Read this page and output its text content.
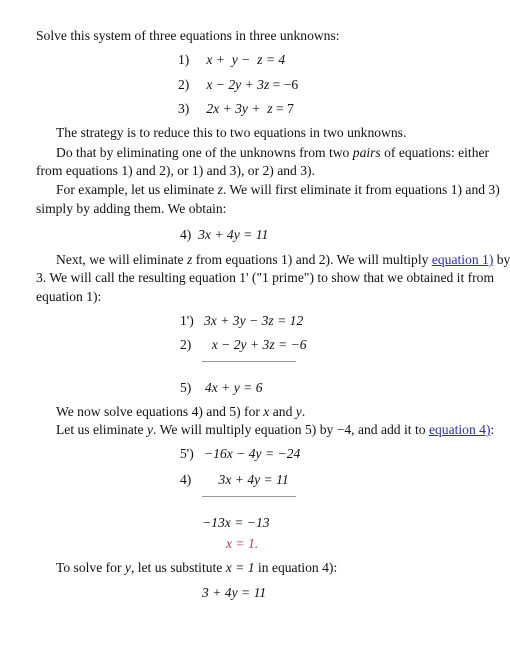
Solve this system of three equations in three unknowns:
1) x + y − z = 4
2) x − 2y + 3z = −6
3) 2x + 3y + z = 7
The strategy is to reduce this to two equations in two unknowns.
Do that by eliminating one of the unknowns from two pairs of equations: either
from equations 1) and 2), or 1) and 3), or 2) and 3).
For example, let us eliminate z. We will first eliminate it from equations 1) and 3)
simply by adding them. We obtain:
4) 3x + 4y = 11
Next, we will eliminate z from equations 1) and 2). We will multiply equation 1) by
3. We will call the resulting equation 1' ("1 prime") to show that we obtained it from
equation 1):
1') 3x + 3y − 3z = 12
2) x − 2y + 3z = −6
5) 4x + y = 6
We now solve equations 4) and 5) for x and y.
Let us eliminate y. We will multiply equation 5) by −4, and add it to equation 4):
5') −16x − 4y = −24
4) 3x + 4y = 11
−13x = −13
x = 1.
To solve for y, let us substitute x = 1 in equation 4):
3 + 4y = 11
